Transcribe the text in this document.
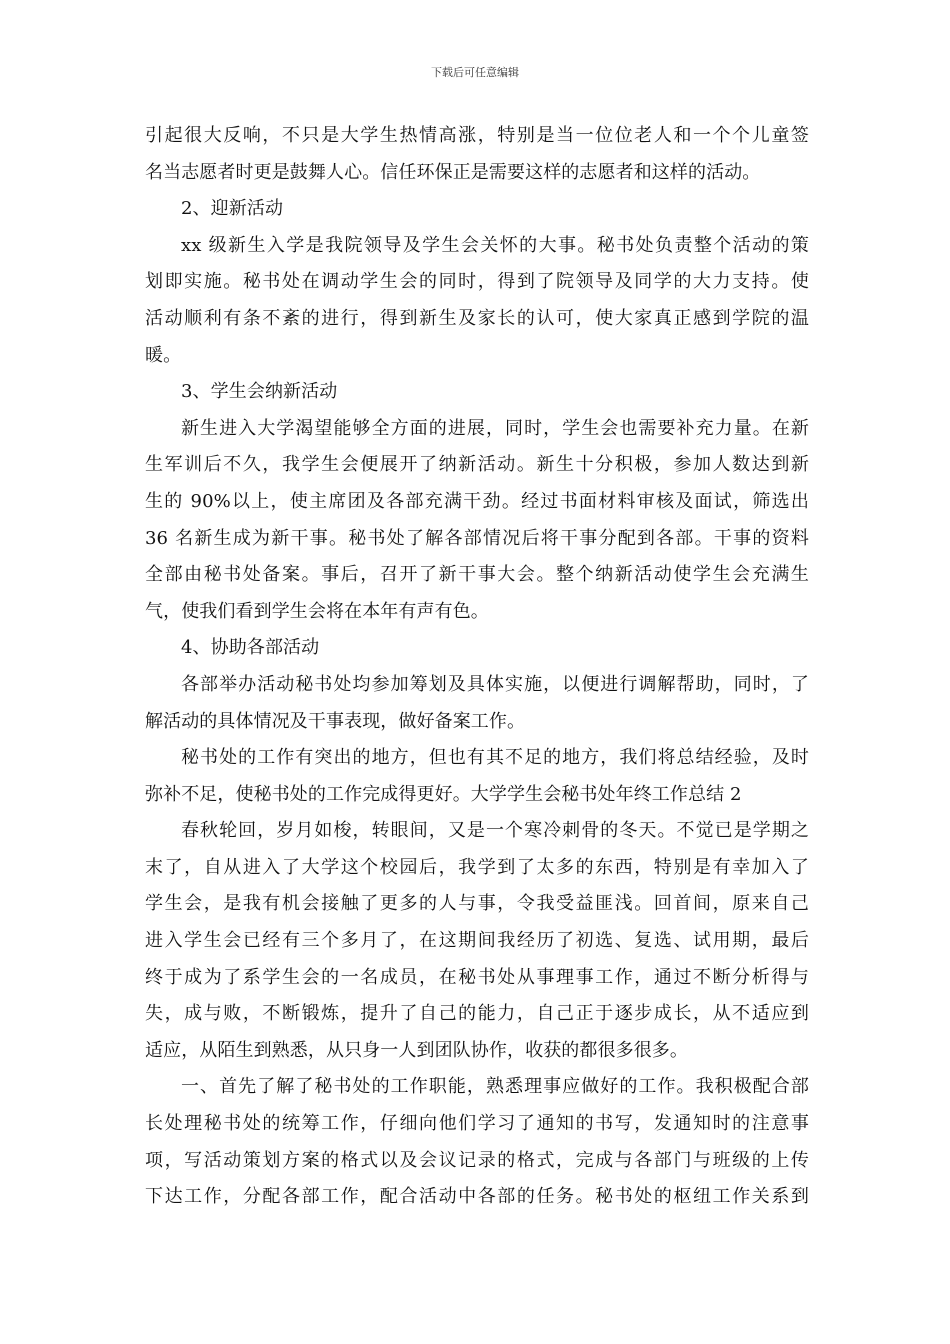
下载后可任意编辑
引起很大反响，不只是大学生热情高涨，特别是当一位位老人和一个个儿童签
名当志愿者时更是鼓舞人心。信任环保正是需要这样的志愿者和这样的活动。
2、迎新活动
xx 级新生入学是我院领导及学生会关怀的大事。秘书处负责整个活动的策
划即实施。秘书处在调动学生会的同时，得到了院领导及同学的大力支持。使
活动顺利有条不紊的进行，得到新生及家长的认可，使大家真正感到学院的温
暖。
3、学生会纳新活动
新生进入大学渴望能够全方面的进展，同时，学生会也需要补充力量。在新
生军训后不久，我学生会便展开了纳新活动。新生十分积极，参加人数达到新
生的 90%以上，使主席团及各部充满干劲。经过书面材料审核及面试，筛选出
36 名新生成为新干事。秘书处了解各部情况后将干事分配到各部。干事的资料
全部由秘书处备案。事后，召开了新干事大会。整个纳新活动使学生会充满生
气，使我们看到学生会将在本年有声有色。
4、协助各部活动
各部举办活动秘书处均参加筹划及具体实施，以便进行调解帮助，同时，了
解活动的具体情况及干事表现，做好备案工作。
秘书处的工作有突出的地方，但也有其不足的地方，我们将总结经验，及时
弥补不足，使秘书处的工作完成得更好。大学学生会秘书处年终工作总结 2
春秋轮回，岁月如梭，转眼间，又是一个寒冷刺骨的冬天。不觉已是学期之
末了，自从进入了大学这个校园后，我学到了太多的东西，特别是有幸加入了
学生会，是我有机会接触了更多的人与事，令我受益匪浅。回首间，原来自己
进入学生会已经有三个多月了，在这期间我经历了初选、复选、试用期，最后
终于成为了系学生会的一名成员，在秘书处从事理事工作，通过不断分析得与
失，成与败，不断锻炼，提升了自己的能力，自己正于逐步成长，从不适应到
适应，从陌生到熟悉，从只身一人到团队协作，收获的都很多很多。
一、首先了解了秘书处的工作职能，熟悉理事应做好的工作。我积极配合部
长处理秘书处的统筹工作，仔细向他们学习了通知的书写，发通知时的注意事
项，写活动策划方案的格式以及会议记录的格式，完成与各部门与班级的上传
下达工作，分配各部工作，配合活动中各部的任务。秘书处的枢纽工作关系到
